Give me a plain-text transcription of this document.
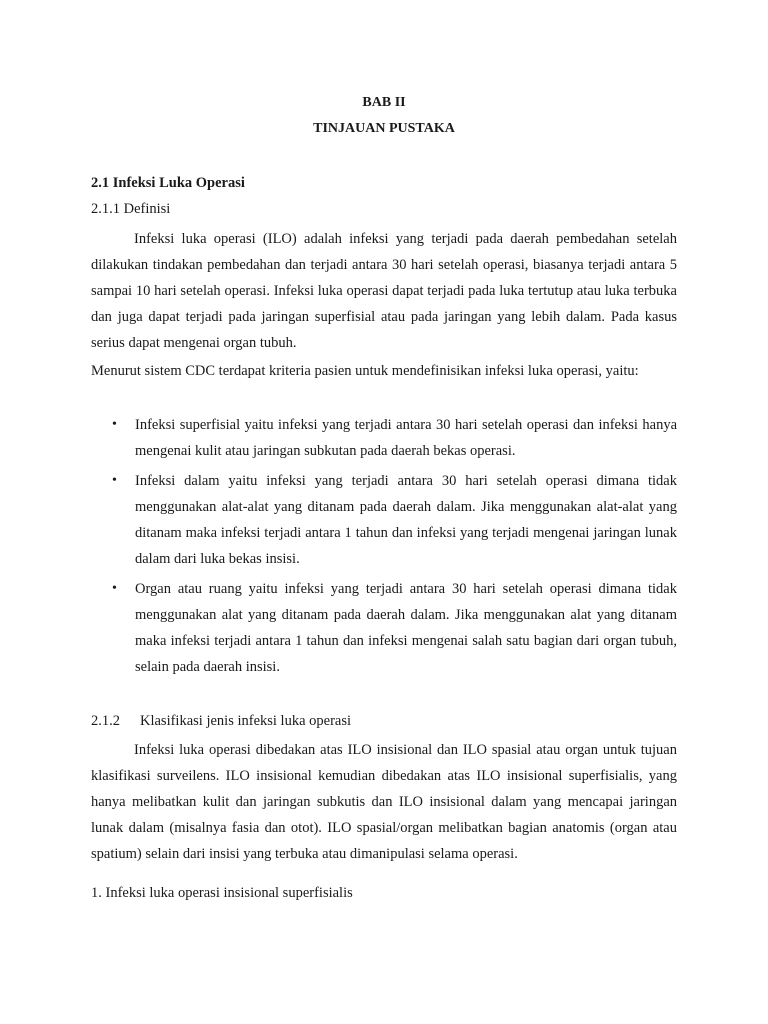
BAB II
TINJAUAN PUSTAKA
2.1 Infeksi Luka Operasi
2.1.1 Definisi

Infeksi luka operasi (ILO) adalah infeksi yang terjadi pada daerah pembedahan setelah dilakukan tindakan pembedahan dan terjadi antara 30 hari setelah operasi, biasanya terjadi antara 5 sampai 10 hari setelah operasi. Infeksi luka operasi dapat terjadi pada luka tertutup atau luka terbuka dan juga dapat terjadi pada jaringan superfisial atau pada jaringan yang lebih dalam. Pada kasus serius dapat mengenai organ tubuh.

Menurut sistem CDC terdapat kriteria pasien untuk mendefinisikan infeksi luka operasi, yaitu:

• Infeksi superfisial yaitu infeksi yang terjadi antara 30 hari setelah operasi dan infeksi hanya mengenai kulit atau jaringan subkutan pada daerah bekas operasi.
• Infeksi dalam yaitu infeksi yang terjadi antara 30 hari setelah operasi dimana tidak menggunakan alat-alat yang ditanam pada daerah dalam. Jika menggunakan alat-alat yang ditanam maka infeksi terjadi antara 1 tahun dan infeksi yang terjadi mengenai jaringan lunak dalam dari luka bekas insisi.
• Organ atau ruang yaitu infeksi yang terjadi antara 30 hari setelah operasi dimana tidak menggunakan alat yang ditanam pada daerah dalam. Jika menggunakan alat yang ditanam maka infeksi terjadi antara 1 tahun dan infeksi mengenai salah satu bagian dari organ tubuh, selain pada daerah insisi.
2.1.2 Klasifikasi jenis infeksi luka operasi

Infeksi luka operasi dibedakan atas ILO insisional dan ILO spasial atau organ untuk tujuan klasifikasi surveilens. ILO insisional kemudian dibedakan atas ILO insisional superfisialis, yang hanya melibatkan kulit dan jaringan subkutis dan ILO insisional dalam yang mencapai jaringan lunak dalam (misalnya fasia dan otot). ILO spasial/organ melibatkan bagian anatomis (organ atau spatium) selain dari insisi yang terbuka atau dimanipulasi selama operasi.

1. Infeksi luka operasi insisional superfisialis
